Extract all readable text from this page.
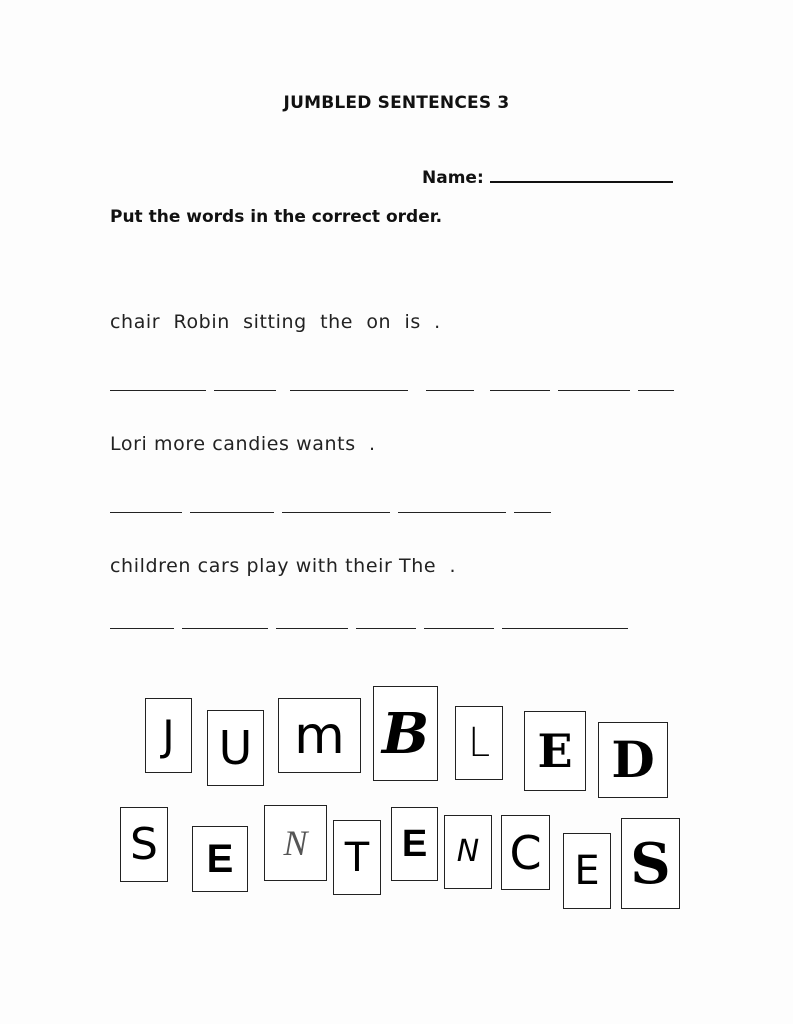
JUMBLED SENTENCES 3
Name:
Put the words in the correct order.
chair  Robin  sitting  the  on  is  .
Lori more candies wants  .
children cars play with their The  .
J U m B L E D
S E N T E N C E S
